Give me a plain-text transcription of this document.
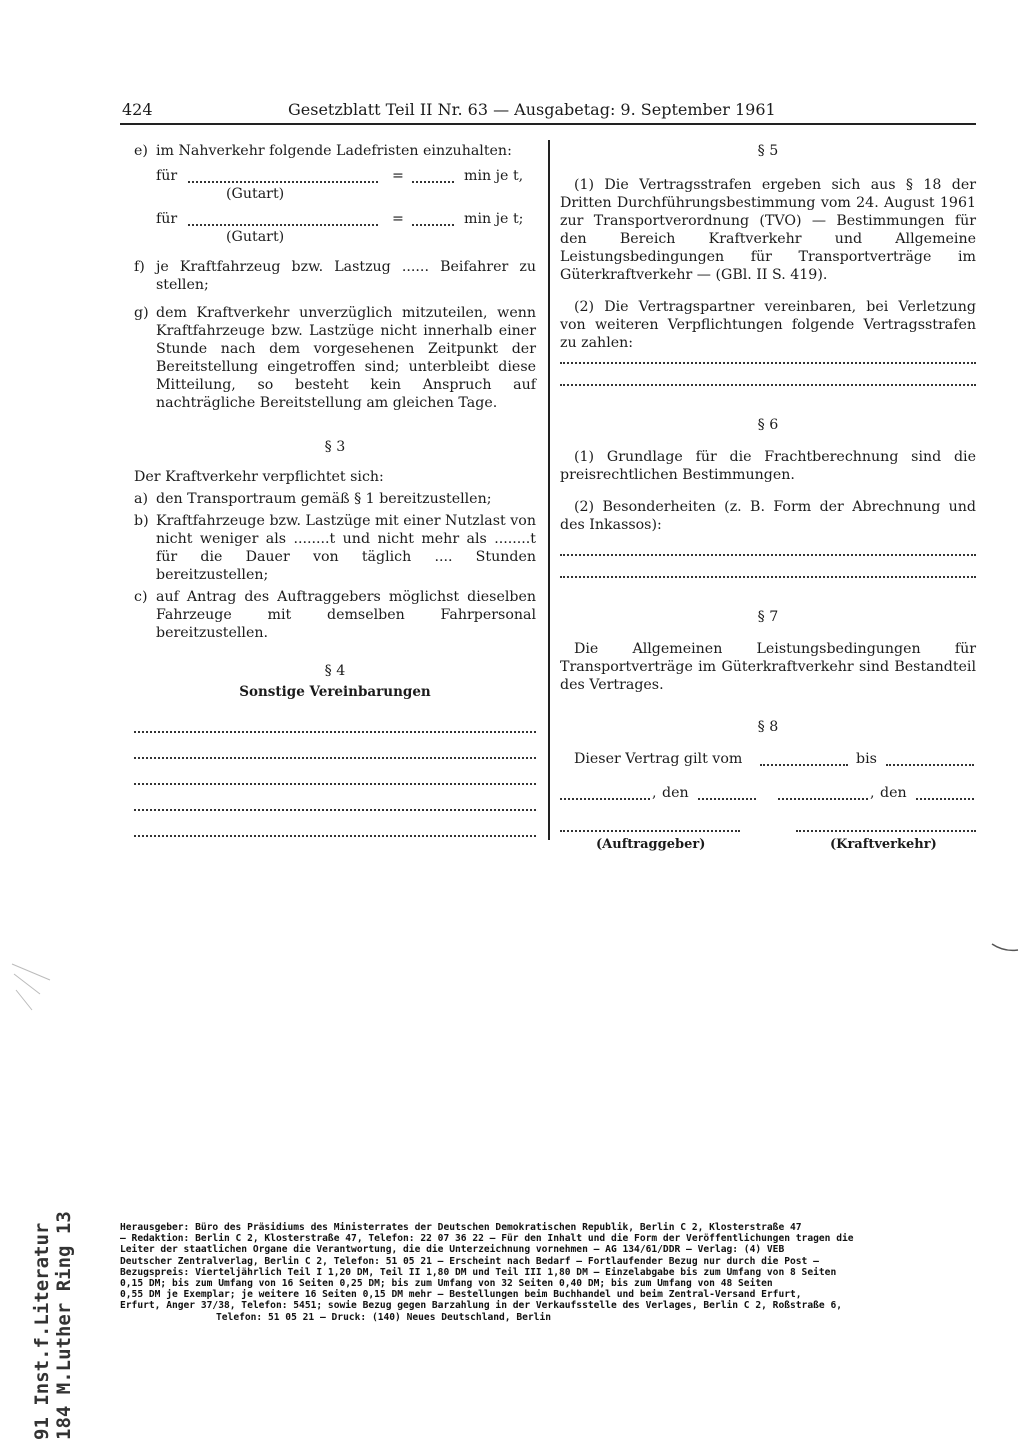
424	Gesetzblatt Teil II Nr. 63 — Ausgabetag: 9. September 1961
e) im Nahverkehr folgende Ladefristen einzuhalten:
für	=	min je t,
(Gutart)
für	=	min je t;
(Gutart)
f) je Kraftfahrzeug bzw. Lastzug ...... Beifahrer zu stellen;
g) dem Kraftverkehr unverzüglich mitzuteilen, wenn Kraftfahrzeuge bzw. Lastzüge nicht innerhalb einer Stunde nach dem vorgesehenen Zeitpunkt der Bereitstellung eingetroffen sind; unterbleibt diese Mitteilung, so besteht kein Anspruch auf nachträgliche Bereitstellung am gleichen Tage.

§ 3

Der Kraftverkehr verpflichtet sich:

a) den Transportraum gemäß § 1 bereitzustellen;
b) Kraftfahrzeuge bzw. Lastzüge mit einer Nutzlast von nicht weniger als ........t und nicht mehr als ........t für die Dauer von täglich .... Stunden bereitzustellen;
c) auf Antrag des Auftraggebers möglichst dieselben Fahrzeuge mit demselben Fahrpersonal bereitzustellen.

§ 4

Sonstige Vereinbarungen

§ 5

(1) Die Vertragsstrafen ergeben sich aus § 18 der Dritten Durchführungsbestimmung vom 24. August 1961 zur Transportverordnung (TVO) — Bestimmungen für den Bereich Kraftverkehr und Allgemeine Leistungsbedingungen für Transportverträge im Güterkraftverkehr — (GBl. II S. 419).

(2) Die Vertragspartner vereinbaren, bei Verletzung von weiteren Verpflichtungen folgende Vertragsstrafen zu zahlen:

§ 6

(1) Grundlage für die Frachtberechnung sind die preisrechtlichen Bestimmungen.

(2) Besonderheiten (z. B. Form der Abrechnung und des Inkassos):

§ 7

Die Allgemeinen Leistungsbedingungen für Transportverträge im Güterkraftverkehr sind Bestandteil des Vertrages.

§ 8

Dieser Vertrag gilt vom	bis
, den	, den
(Auftraggeber)	(Kraftverkehr)
Herausgeber: Büro des Präsidiums des Ministerrates der Deutschen Demokratischen Republik, Berlin C 2, Klosterstraße 47
— Redaktion: Berlin C 2, Klosterstraße 47, Telefon: 22 07 36 22 — Für den Inhalt und die Form der Veröffentlichungen tragen die
Leiter der staatlichen Organe die Verantwortung, die die Unterzeichnung vornehmen — AG 134/61/DDR — Verlag: (4) VEB
Deutscher Zentralverlag, Berlin C 2, Telefon: 51 05 21 — Erscheint nach Bedarf — Fortlaufender Bezug nur durch die Post —
Bezugspreis: Vierteljährlich Teil I 1,20 DM, Teil II 1,80 DM und Teil III 1,80 DM — Einzelabgabe bis zum Umfang von 8 Seiten
0,15 DM; bis zum Umfang von 16 Seiten 0,25 DM; bis zum Umfang von 32 Seiten 0,40 DM; bis zum Umfang von 48 Seiten
0,55 DM je Exemplar; je weitere 16 Seiten 0,15 DM mehr — Bestellungen beim Buchhandel und beim Zentral-Versand Erfurt,
Erfurt, Anger 37/38, Telefon: 5451; sowie Bezug gegen Barzahlung in der Verkaufsstelle des Verlages, Berlin C 2, Roßstraße 6,
Telefon: 51 05 21 — Druck: (140) Neues Deutschland, Berlin
91 Inst.f.Literatur 184 M.Luther Ring 13
